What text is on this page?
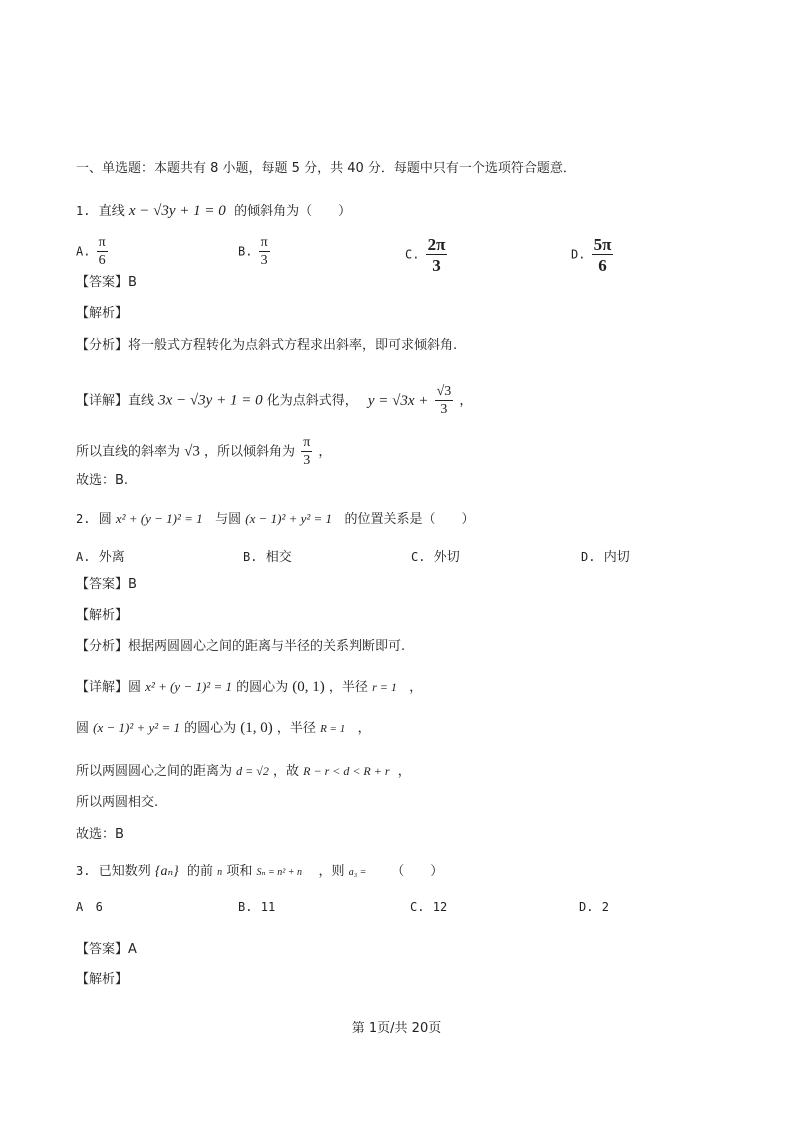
一、单选题：本题共有 8 小题，每题 5 分，共 40 分．每题中只有一个选项符合题意．
1. 直线 x − √3y + 1 = 0 的倾斜角为（　　）
A. $\frac{\pi}{6}$	B. $\frac{\pi}{3}$	C. $\frac{2\pi}{3}$	D. $\frac{5\pi}{6}$
【答案】B
【解析】
【分析】将一般式方程转化为点斜式方程求出斜率，即可求倾斜角.
【详解】直线 3x − √3y + 1 = 0 化为点斜式得， $y = √3x + \frac{√3}{3}$ ，
所以直线的斜率为 √3 ，所以倾斜角为 $\frac{\pi}{3}$ ，
故选：B.
2. 圆 x² + (y − 1)² = 1 与圆 (x − 1)² + y² = 1 的位置关系是（　　）
A. 外离	B. 相交	C. 外切	D. 内切
【答案】B
【解析】
【分析】根据两圆圆心之间的距离与半径的关系判断即可.
【详解】圆 x² + (y − 1)² = 1 的圆心为 (0, 1) ，半径 r = 1 ，
圆 (x − 1)² + y² = 1 的圆心为 (1, 0) ，半径 R = 1 ，
所以两圆圆心之间的距离为 d = √2 ，故 R − r < d < R + r ，
所以两圆相交.
故选：B
3. 已知数列 {aₙ} 的前 n 项和 Sₙ = n² + n ，则 a₃ = （　　）
A 6	B. 11	C. 12	D. 2
【答案】A
【解析】
第 1页/共 20页
